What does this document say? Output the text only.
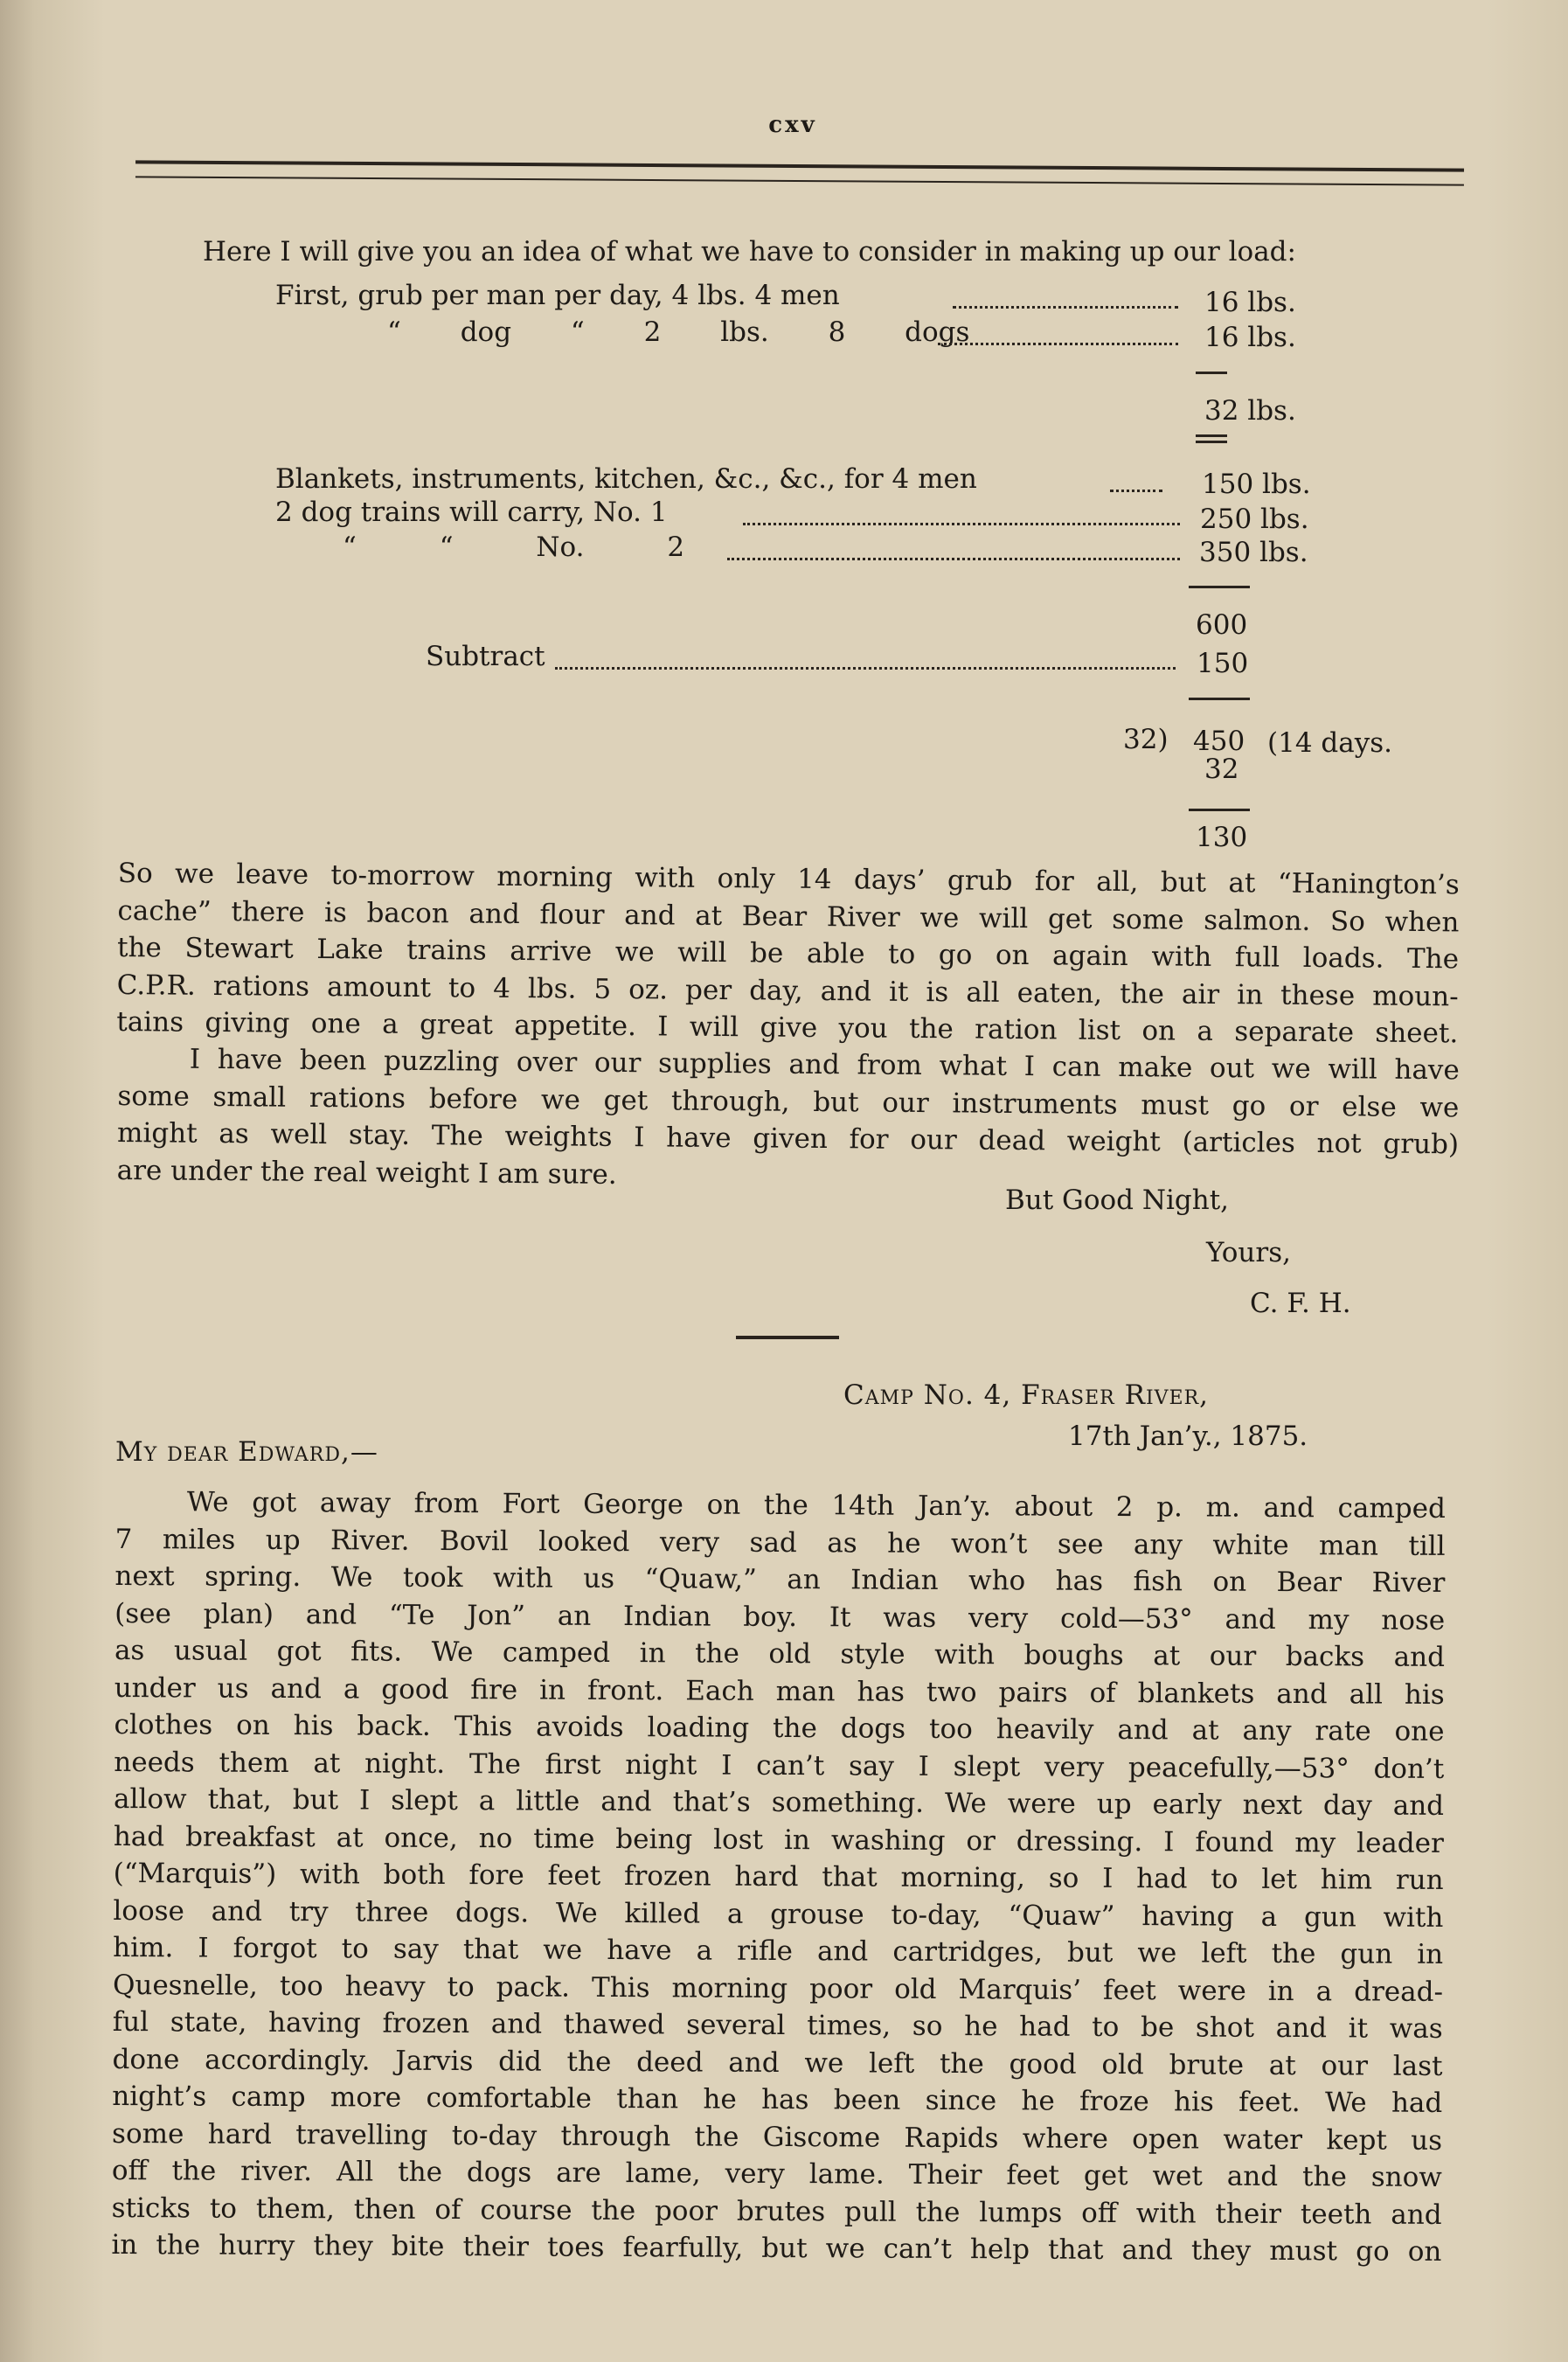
cxv
Here I will give you an idea of what we have to consider in making up our load:
First, grub per man per day, 4 lbs. 4 men	16 lbs.
“ dog “ 2 lbs. 8 dogs	16 lbs.
32 lbs.
Blankets, instruments, kitchen, &c., &c., for 4 men	150 lbs.
2 dog trains will carry, No. 1	250 lbs.
“ “ No. 2	350 lbs.
600
Subtract	150
32) 450 (14 days.
32
130
So we leave to-morrow morning with only 14 days’ grub for all, but at “Hanington’s
cache” there is bacon and flour and at Bear River we will get some salmon. So when
the Stewart Lake trains arrive we will be able to go on again with full loads. The
C.P.R. rations amount to 4 lbs. 5 oz. per day, and it is all eaten, the air in these moun-
tains giving one a great appetite. I will give you the ration list on a separate sheet.
I have been puzzling over our supplies and from what I can make out we will have
some small rations before we get through, but our instruments must go or else we
might as well stay. The weights I have given for our dead weight (articles not grub)
are under the real weight I am sure.
But Good Night,
Yours,
C. F. H.
Camp No. 4, Fraser River,
17th Jan’y., 1875.
My dear Edward,—
We got away from Fort George on the 14th Jan’y. about 2 p. m. and camped
7 miles up River. Bovil looked very sad as he won’t see any white man till
next spring. We took with us “Quaw,” an Indian who has fish on Bear River
(see plan) and “Te Jon” an Indian boy. It was very cold—53° and my nose
as usual got fits. We camped in the old style with boughs at our backs and
under us and a good fire in front. Each man has two pairs of blankets and all his
clothes on his back. This avoids loading the dogs too heavily and at any rate one
needs them at night. The first night I can’t say I slept very peacefully,—53° don’t
allow that, but I slept a little and that’s something. We were up early next day and
had breakfast at once, no time being lost in washing or dressing. I found my leader
(“Marquis”) with both fore feet frozen hard that morning, so I had to let him run
loose and try three dogs. We killed a grouse to-day, “Quaw” having a gun with
him. I forgot to say that we have a rifle and cartridges, but we left the gun in
Quesnelle, too heavy to pack. This morning poor old Marquis’ feet were in a dread-
ful state, having frozen and thawed several times, so he had to be shot and it was
done accordingly. Jarvis did the deed and we left the good old brute at our last
night’s camp more comfortable than he has been since he froze his feet. We had
some hard travelling to-day through the Giscome Rapids where open water kept us
off the river. All the dogs are lame, very lame. Their feet get wet and the snow
sticks to them, then of course the poor brutes pull the lumps off with their teeth and
in the hurry they bite their toes fearfully, but we can’t help that and they must go on
